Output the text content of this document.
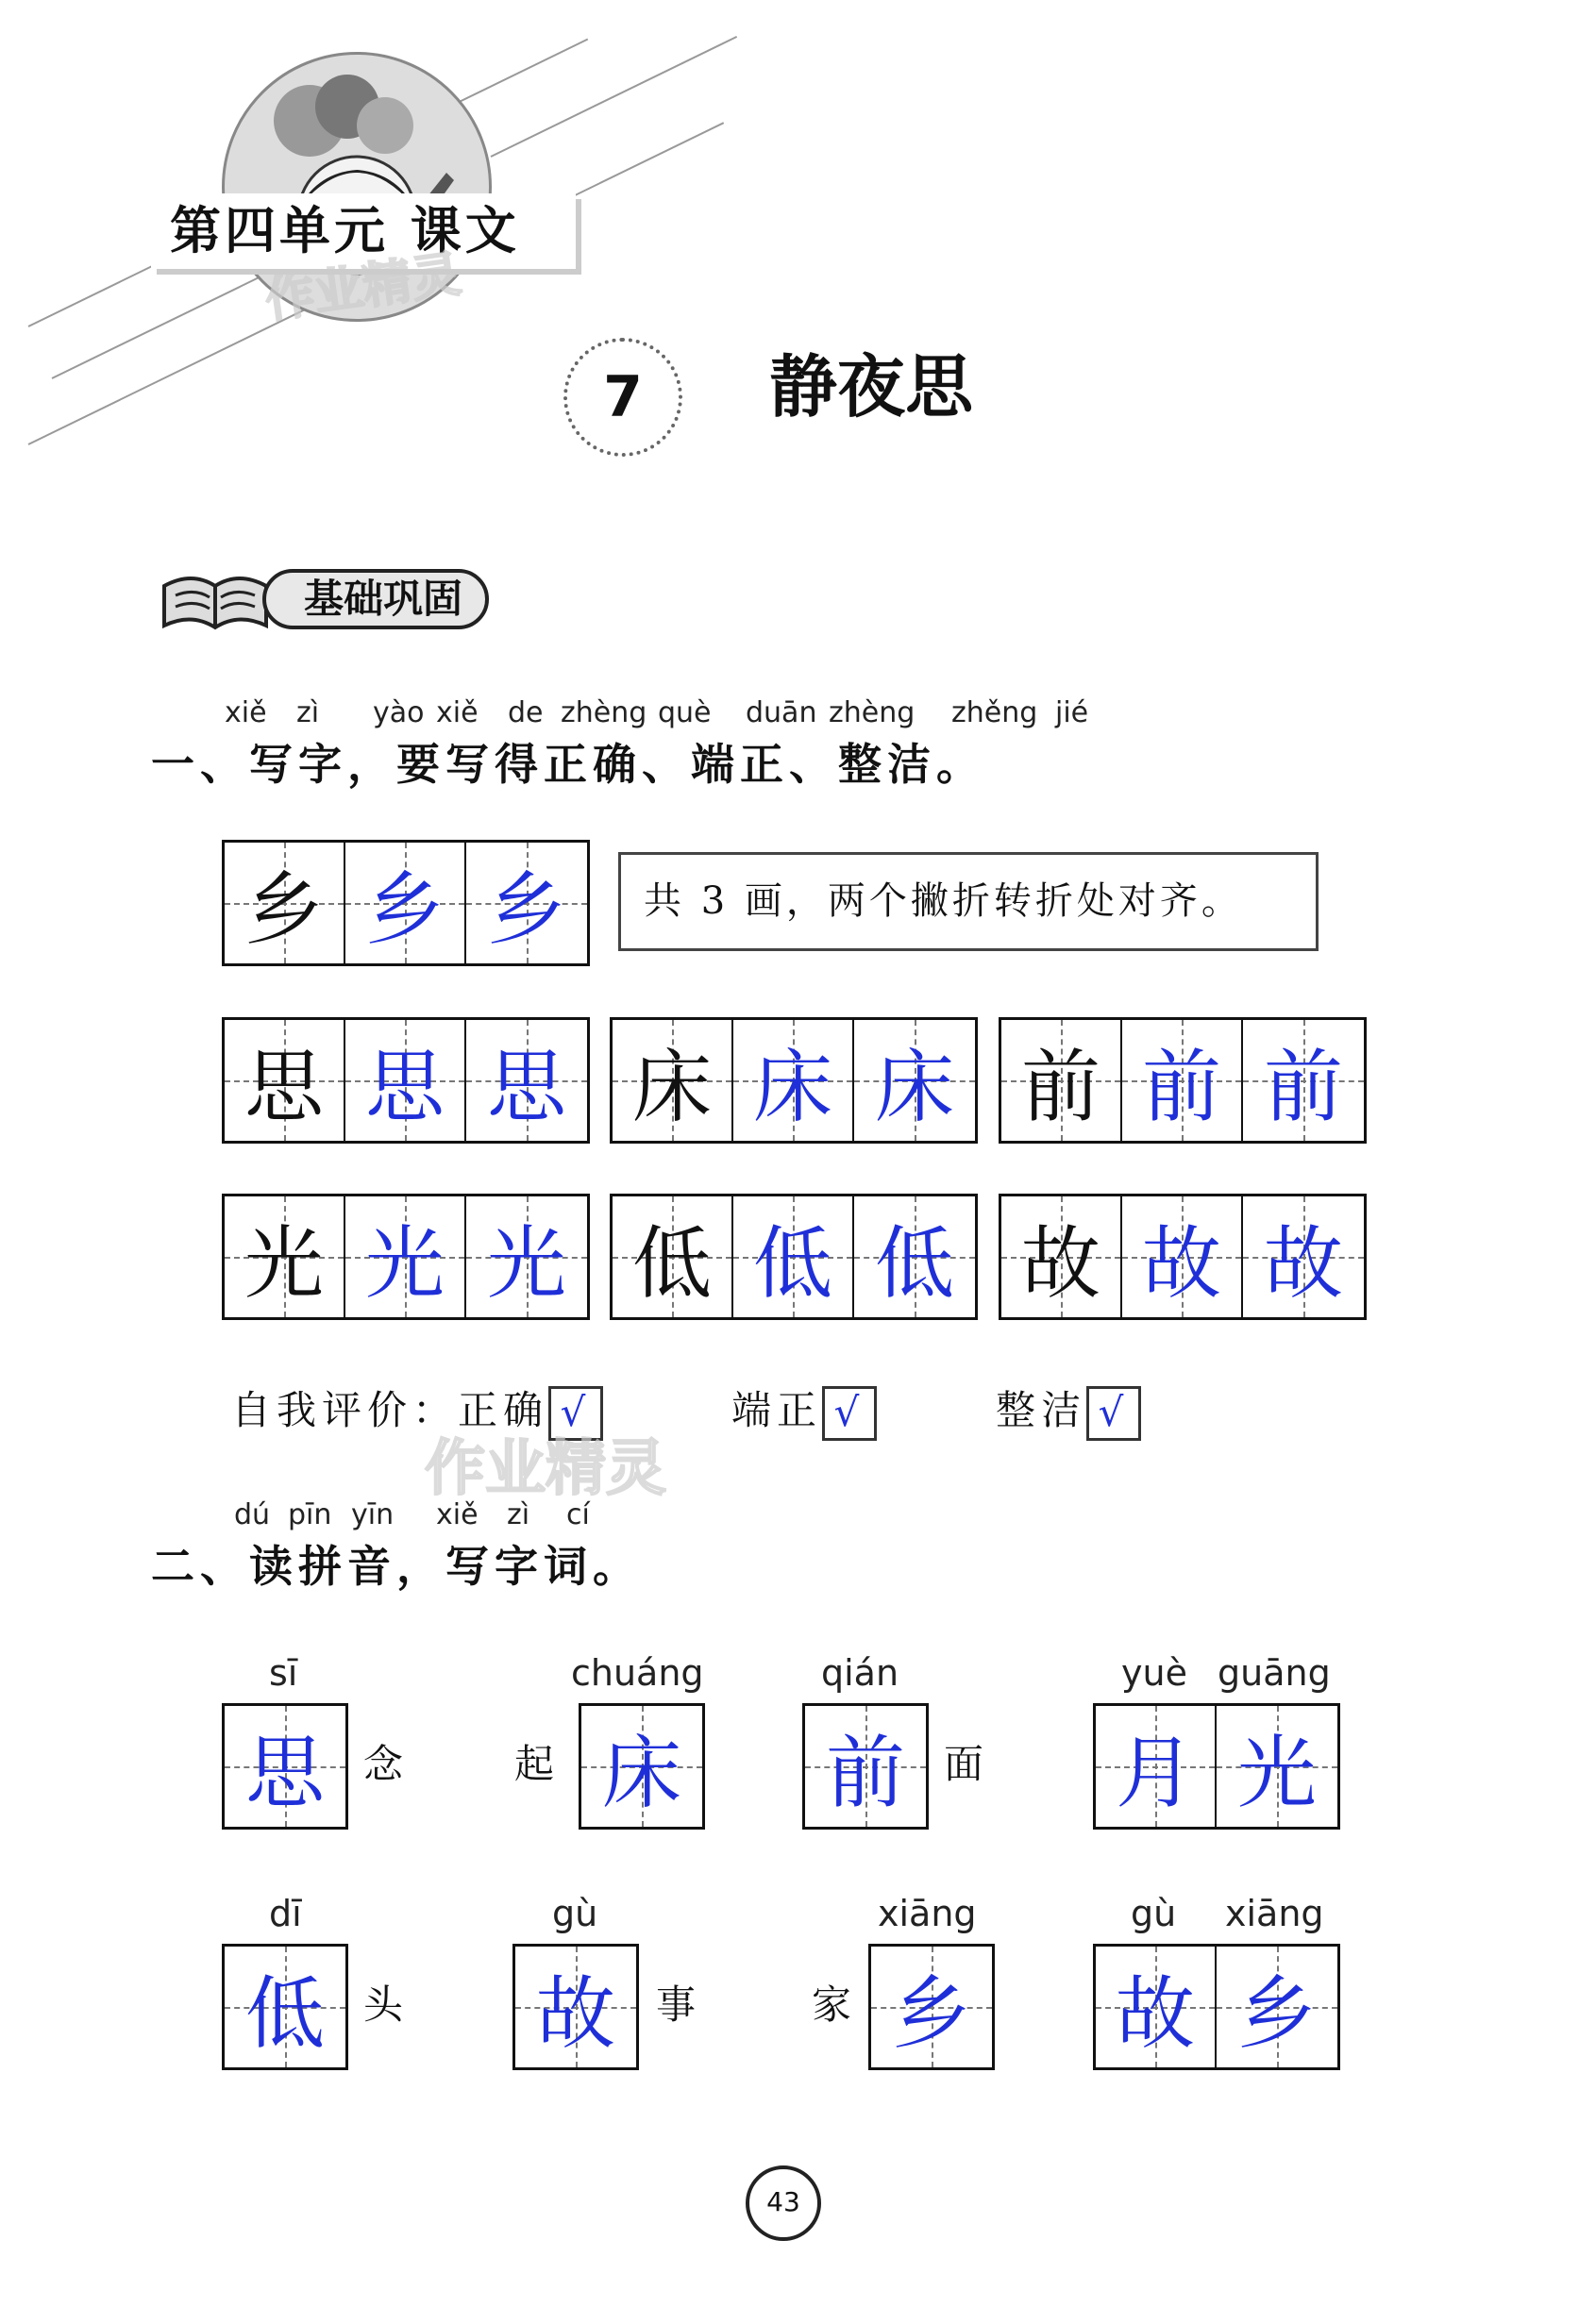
第四单元 课文
作业精灵
7	静夜思
基础巩固
xiě zì yào xiě de zhèng què duān zhèng zhěng jié
一、写字，要写得正确、端正、整洁。
乡 乡 乡	共 3 画，两个撇折转折处对齐。
思 思 思 床 床 床 前 前 前
光 光 光 低 低 低 故 故 故
自我评价：正确 √	端正 √	整洁 √
作业精灵
dú pīn yīn xiě zì cí
二、读拼音，写字词。
sī
思 念
chuáng
起 床
qián
前 面
yuè guāng
月 光
dī
低 头
gù
故 事
xiāng
家 乡
gù xiāng
故 乡
43
